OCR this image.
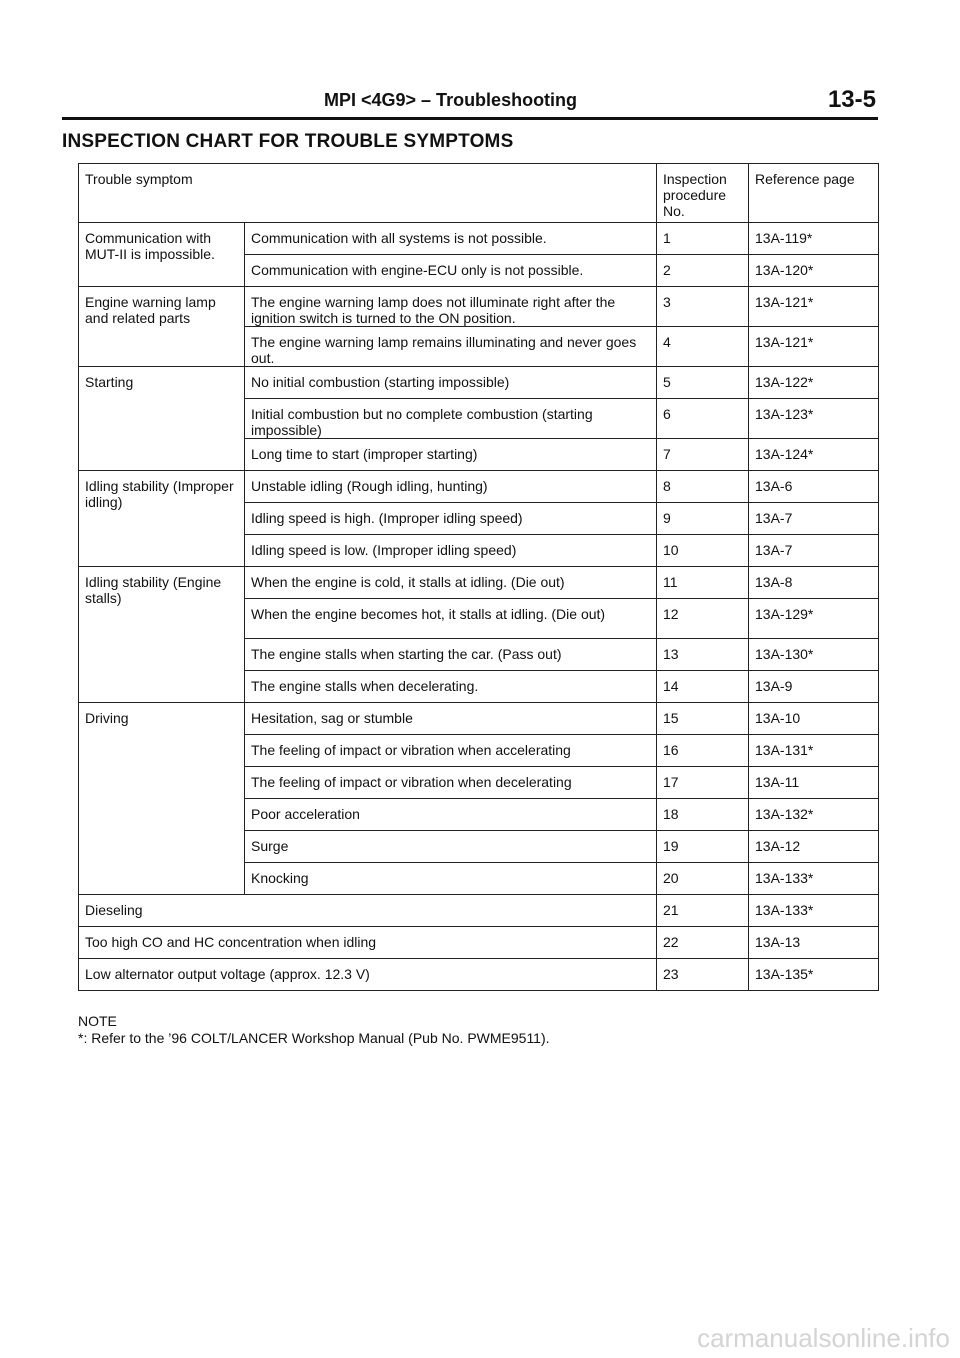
MPI <4G9> – Troubleshooting	13-5
INSPECTION CHART FOR TROUBLE SYMPTOMS
Trouble symptom		Inspection procedure No.	Reference page
Communication with MUT-II is impossible.	Communication with all systems is not possible.	1	13A-119*
	Communication with engine-ECU only is not possible.	2	13A-120*
Engine warning lamp and related parts	The engine warning lamp does not illuminate right after the ignition switch is turned to the ON position.	3	13A-121*
	The engine warning lamp remains illuminating and never goes out.	4	13A-121*
Starting	No initial combustion (starting impossible)	5	13A-122*
	Initial combustion but no complete combustion (starting impossible)	6	13A-123*
	Long time to start (improper starting)	7	13A-124*
Idling stability (Improper idling)	Unstable idling (Rough idling, hunting)	8	13A-6
	Idling speed is high. (Improper idling speed)	9	13A-7
	Idling speed is low. (Improper idling speed)	10	13A-7
Idling stability (Engine stalls)	When the engine is cold, it stalls at idling. (Die out)	11	13A-8
	When the engine becomes hot, it stalls at idling. (Die out)	12	13A-129*
	The engine stalls when starting the car. (Pass out)	13	13A-130*
	The engine stalls when decelerating.	14	13A-9
Driving	Hesitation, sag or stumble	15	13A-10
	The feeling of impact or vibration when accelerating	16	13A-131*
	The feeling of impact or vibration when decelerating	17	13A-11
	Poor acceleration	18	13A-132*
	Surge	19	13A-12
	Knocking	20	13A-133*
Dieseling		21	13A-133*
Too high CO and HC concentration when idling		22	13A-13
Low alternator output voltage (approx. 12.3 V)		23	13A-135*
NOTE
*: Refer to the ’96 COLT/LANCER Workshop Manual (Pub No. PWME9511).
carmanualsonline.info
